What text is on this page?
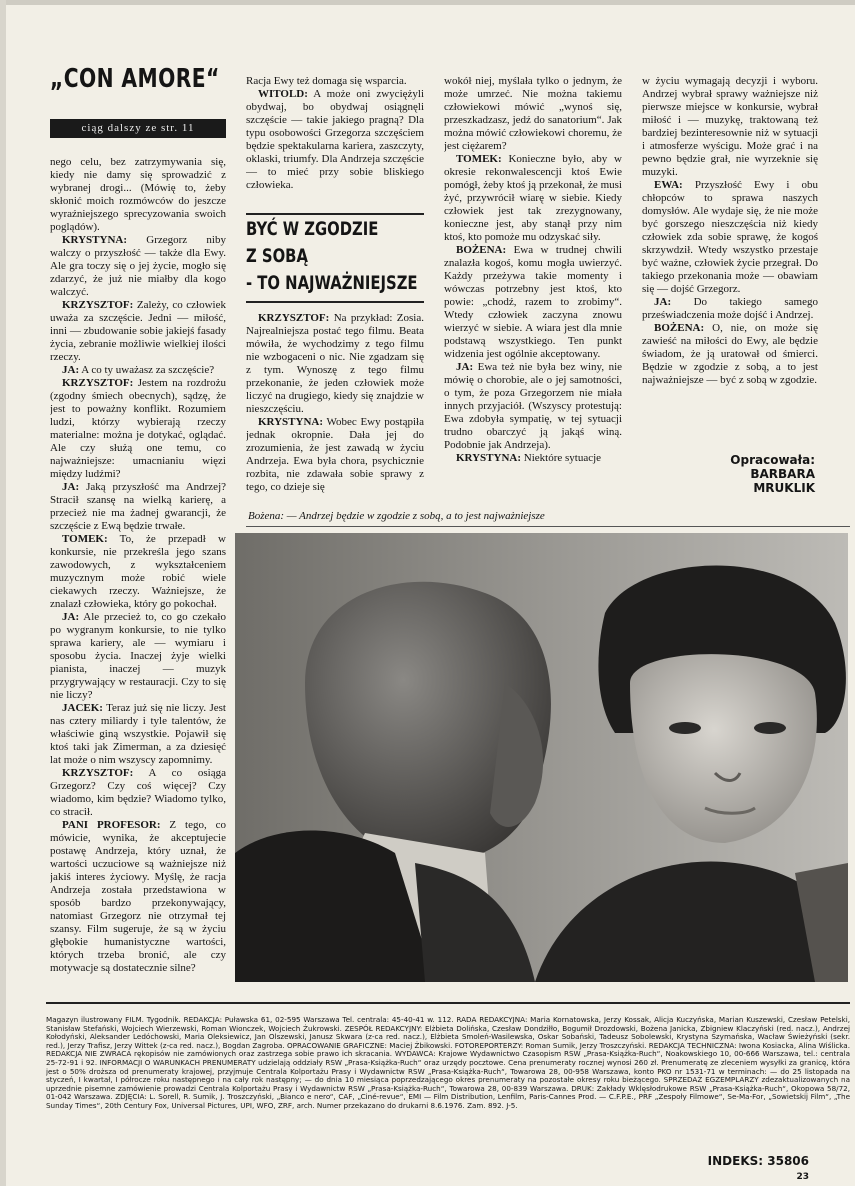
„CON AMORE“
ciąg dalszy ze str. 11

nego celu, bez zatrzymywania się, kiedy nie damy się sprowadzić z wybranej drogi... (Mówię to, żeby skłonić moich rozmówców do jeszcze wyraźniejszego sprecyzowania swoich poglądów).

KRYSTYNA: Grzegorz niby walczy o przyszłość — także dla Ewy. Ale gra toczy się o jej życie, mogło się zdarzyć, że już nie miałby dla kogo walczyć.

KRZYSZTOF: Zależy, co człowiek uważa za szczęście. Jedni — miłość, inni — zbudowanie sobie jakiejś fasady życia, zebranie możliwie wielkiej ilości rzeczy.

JA: A co ty uważasz za szczęście?

KRZYSZTOF: Jestem na rozdrożu (zgodny śmiech obecnych), sądzę, że jest to poważny konflikt. Rozumiem ludzi, którzy wybierają rzeczy materialne: można je dotykać, oglądać. Ale czy służą one temu, co najważniejsze: umacnianiu więzi między ludźmi?

JA: Jaką przyszłość ma Andrzej? Stracił szansę na wielką karierę, a przecież nie ma żadnej gwarancji, że szczęście z Ewą będzie trwałe.

TOMEK: To, że przepadł w konkursie, nie przekreśla jego szans zawodowych, z wykształceniem muzycznym może robić wiele ciekawych rzeczy. Ważniejsze, że znalazł człowieka, który go pokochał.

JA: Ale przecież to, co go czekało po wygranym konkursie, to nie tylko sprawa kariery, ale — wymiaru i sposobu życia. Inaczej żyje wielki pianista, inaczej — muzyk przygrywający w restauracji. Czy to się nie liczy?

JACEK: Teraz już się nie liczy. Jest nas cztery miliardy i tyle talentów, że właściwie giną wszystkie. Pojawił się ktoś taki jak Zimerman, a za dziesięć lat może o nim wszyscy zapomnimy.

KRZYSZTOF: A co osiąga Grzegorz? Czy coś więcej? Czy wiadomo, kim będzie? Wiadomo tylko, co stracił.

PANI PROFESOR: Z tego, co mówicie, wynika, że akceptujecie postawę Andrzeja, który uznał, że wartości uczuciowe są ważniejsze niż jakiś interes życiowy. Myślę, że racja Andrzeja została przedstawiona w sposób bardzo przekonywający, natomiast Grzegorz nie otrzymał tej szansy. Film sugeruje, że są w życiu głębokie humanistyczne wartości, których trzeba bronić, ale czy motywacje są dostatecznie silne?

Racja Ewy też domaga się wsparcia.

WITOLD: A może oni zwyciężyli obydwaj, bo obydwaj osiągnęli szczęście — takie jakiego pragną? Dla typu osobowości Grzegorza szczęściem będzie spektakularna kariera, zaszczyty, oklaski, triumfy. Dla Andrzeja szczęście — to mieć przy sobie bliskiego człowieka.

BYĆ W ZGODZIE
Z SOBĄ
- TO NAJWAŻNIEJSZE

KRZYSZTOF: Na przykład: Zosia. Najrealniejsza postać tego filmu. Beata mówiła, że wychodzimy z tego filmu nie wzbogaceni o nic. Nie zgadzam się z tym. Wynoszę z tego filmu przekonanie, że jeden człowiek może liczyć na drugiego, kiedy się znajdzie w nieszczęściu.

KRYSTYNA: Wobec Ewy postąpiła jednak okropnie. Dała jej do zrozumienia, że jest zawadą w życiu Andrzeja. Ewa była chora, psychicznie rozbita, nie zdawała sobie sprawy z tego, co dzieje się

wokół niej, myślała tylko o jednym, że może umrzeć. Nie można takiemu człowiekowi mówić „wynoś się, przeszkadzasz, jedź do sanatorium“. Jak można mówić człowiekowi choremu, że jest ciężarem?

TOMEK: Konieczne było, aby w okresie rekonwalescencji ktoś Ewie pomógł, żeby ktoś ją przekonał, że musi żyć, przywrócił wiarę w siebie. Kiedy człowiek jest tak zrezygnowany, konieczne jest, aby stanął przy nim ktoś, kto pomoże mu odzyskać siły.

BOŻENA: Ewa w trudnej chwili znalazła kogoś, komu mogła uwierzyć. Każdy przeżywa takie momenty i wówczas potrzebny jest ktoś, kto powie: „chodź, razem to zrobimy“. Wtedy człowiek zaczyna znowu wierzyć w siebie. A wiara jest dla mnie podstawą wszystkiego. Ten punkt widzenia jest ogólnie akceptowany.

JA: Ewa też nie była bez winy, nie mówię o chorobie, ale o jej samotności, o tym, że poza Grzegorzem nie miała innych przyjaciół. (Wszyscy protestują: Ewa zdobyła sympatię, w tej sytuacji trudno obarczyć ją jakąś winą. Podobnie jak Andrzeja).

KRYSTYNA: Niektóre sytuacje

w życiu wymagają decyzji i wyboru. Andrzej wybrał sprawy ważniejsze niż pierwsze miejsce w konkursie, wybrał miłość i — muzykę, traktowaną też bardziej bezinteresownie niż w sytuacji i atmosferze wyścigu. Może grać i na pewno będzie grał, nie wyrzeknie się muzyki.

EWA: Przyszłość Ewy i obu chłopców to sprawa naszych domysłów. Ale wydaje się, że nie może być gorszego nieszczęścia niż kiedy człowiek zda sobie sprawę, że kogoś skrzywdził. Wtedy wszystko przestaje być ważne, człowiek życie przegrał. Do takiego przekonania może — obawiam się — dojść Grzegorz.

JA: Do takiego samego przeświadczenia może dojść i Andrzej.

BOŻENA: O, nie, on może się zawieść na miłości do Ewy, ale będzie świadom, że ją uratował od śmierci. Będzie w zgodzie z sobą, a to jest najważniejsze — być z sobą w zgodzie.

Opracowała:
BARBARA
MRUKLIK
Bożena: — Andrzej będzie w zgodzie z sobą, a to jest najważniejsze
Magazyn ilustrowany FILM. Tygodnik. REDAKCJA: Puławska 61, 02-595 Warszawa Tel. centrala: 45-40-41 w. 112. RADA REDAKCYJNA: Maria Kornatowska, Jerzy Kossak, Alicja Kuczyńska, Marian Kuszewski, Czesław Petelski, Stanisław Stefański, Wojciech Wierzewski, Roman Wionczek, Wojciech Żukrowski. ZESPÓŁ REDAKCYJNY: Elżbieta Dolińska, Czesław Dondziłło, Bogumił Drozdowski, Bożena Janicka, Zbigniew Klaczyński (red. nacz.), Andrzej Kołodyński, Aleksander Ledóchowski, Maria Oleksiewicz, Jan Olszewski, Janusz Skwara (z-ca red. nacz.), Elżbieta Smoleń-Wasilewska, Oskar Sobański, Tadeusz Sobolewski, Krystyna Szymańska, Wacław Świeżyński (sekr. red.), Jerzy Trafisz, Jerzy Wittek (z-ca red. nacz.), Bogdan Zagroba. OPRACOWANIE GRAFICZNE: Maciej Żbikowski. FOTOREPORTERZY: Roman Sumik, Jerzy Troszczyński. REDAKCJA TECHNICZNA: Iwona Kosiacka, Alina Wiślicka. REDAKCJA NIE ZWRACA rękopisów nie zamówionych oraz zastrzega sobie prawo ich skracania. WYDAWCA: Krajowe Wydawnictwo Czasopism RSW „Prasa-Książka-Ruch“, Noakowskiego 10, 00-666 Warszawa, tel.: centrala 25-72-91 i 92. INFORMACJI O WARUNKACH PRENUMERATY udzielają oddziały RSW „Prasa-Książka-Ruch“ oraz urzędy pocztowe. Cena prenumeraty rocznej wynosi 260 zł. Prenumeratę ze zleceniem wysyłki za granicę, która jest o 50% droższa od prenumeraty krajowej, przyjmuje Centrala Kolportażu Prasy i Wydawnictw RSW „Prasa-Książka-Ruch“, Towarowa 28, 00-958 Warszawa, konto PKO nr 1531-71 w terminach: — do 25 listopada na styczeń, I kwartał, I półrocze roku następnego i na cały rok następny; — do dnia 10 miesiąca poprzedzającego okres prenumeraty na pozostałe okresy roku bieżącego. SPRZEDAŻ EGZEMPLARZY zdezaktualizowanych na uprzednie pisemne zamówienie prowadzi Centrala Kolportażu Prasy i Wydawnictw RSW „Prasa-Książka-Ruch“, Towarowa 28, 00-839 Warszawa. DRUK: Zakłady Wklęsłodrukowe RSW „Prasa-Książka-Ruch“, Okopowa 58/72, 01-042 Warszawa. ZDJĘCIA: L. Sorell, R. Sumik, J. Troszczyński, „Bianco e nero“, CAF, „Ciné-revue“, EMI — Film Distribution, Lenfilm, Paris-Cannes Prod. — C.F.P.E., PRF „Zespoły Filmowe“, Se-Ma-For, „Sowietskij Film“, „The Sunday Times“, 20th Century Fox, Universal Pictures, UPI, WFO, ZRF, arch. Numer przekazano do drukarni 8.6.1976. Zam. 892. J-5.
INDEKS: 35806
23
